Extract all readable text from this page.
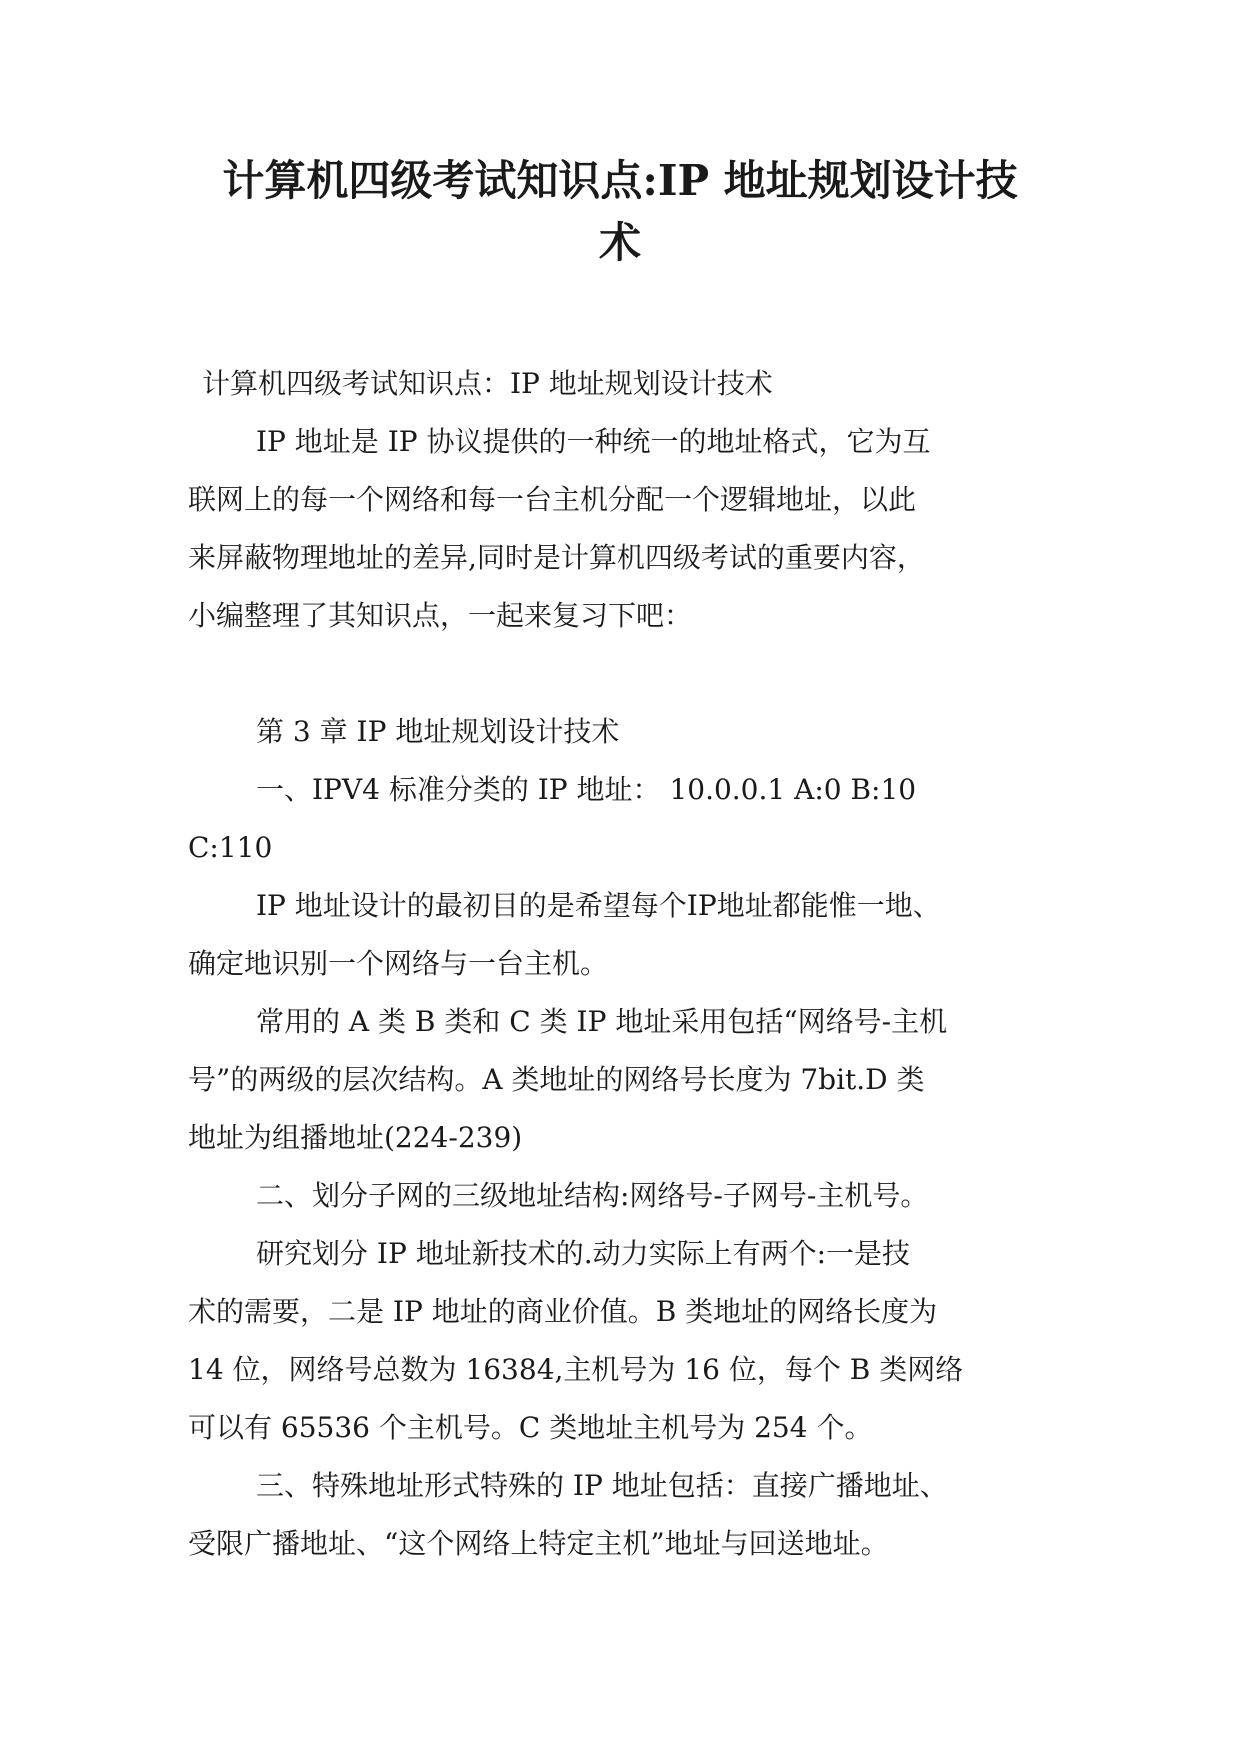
计算机四级考试知识点:IP 地址规划设计技
术

计算机四级考试知识点：IP 地址规划设计技术

IP 地址是 IP 协议提供的一种统一的地址格式，它为互

联网上的每一个网络和每一台主机分配一个逻辑地址，以此

来屏蔽物理地址的差异,同时是计算机四级考试的重要内容，

小编整理了其知识点，一起来复习下吧：

第 3 章 IP 地址规划设计技术

一、IPV4 标准分类的 IP 地址： 10.0.0.1 A:0 B:10

C:110

IP 地址设计的最初目的是希望每个IP地址都能惟一地、

确定地识别一个网络与一台主机。

常用的 A 类 B 类和 C 类 IP 地址采用包括“网络号-主机

号”的两级的层次结构。A 类地址的网络号长度为 7bit.D 类

地址为组播地址(224-239)

二、划分子网的三级地址结构:网络号-子网号-主机号。

研究划分 IP 地址新技术的.动力实际上有两个:一是技

术的需要，二是 IP 地址的商业价值。B 类地址的网络长度为

14 位，网络号总数为 16384,主机号为 16 位，每个 B 类网络

可以有 65536 个主机号。C 类地址主机号为 254 个。

三、特殊地址形式特殊的 IP 地址包括：直接广播地址、

受限广播地址、“这个网络上特定主机”地址与回送地址。
